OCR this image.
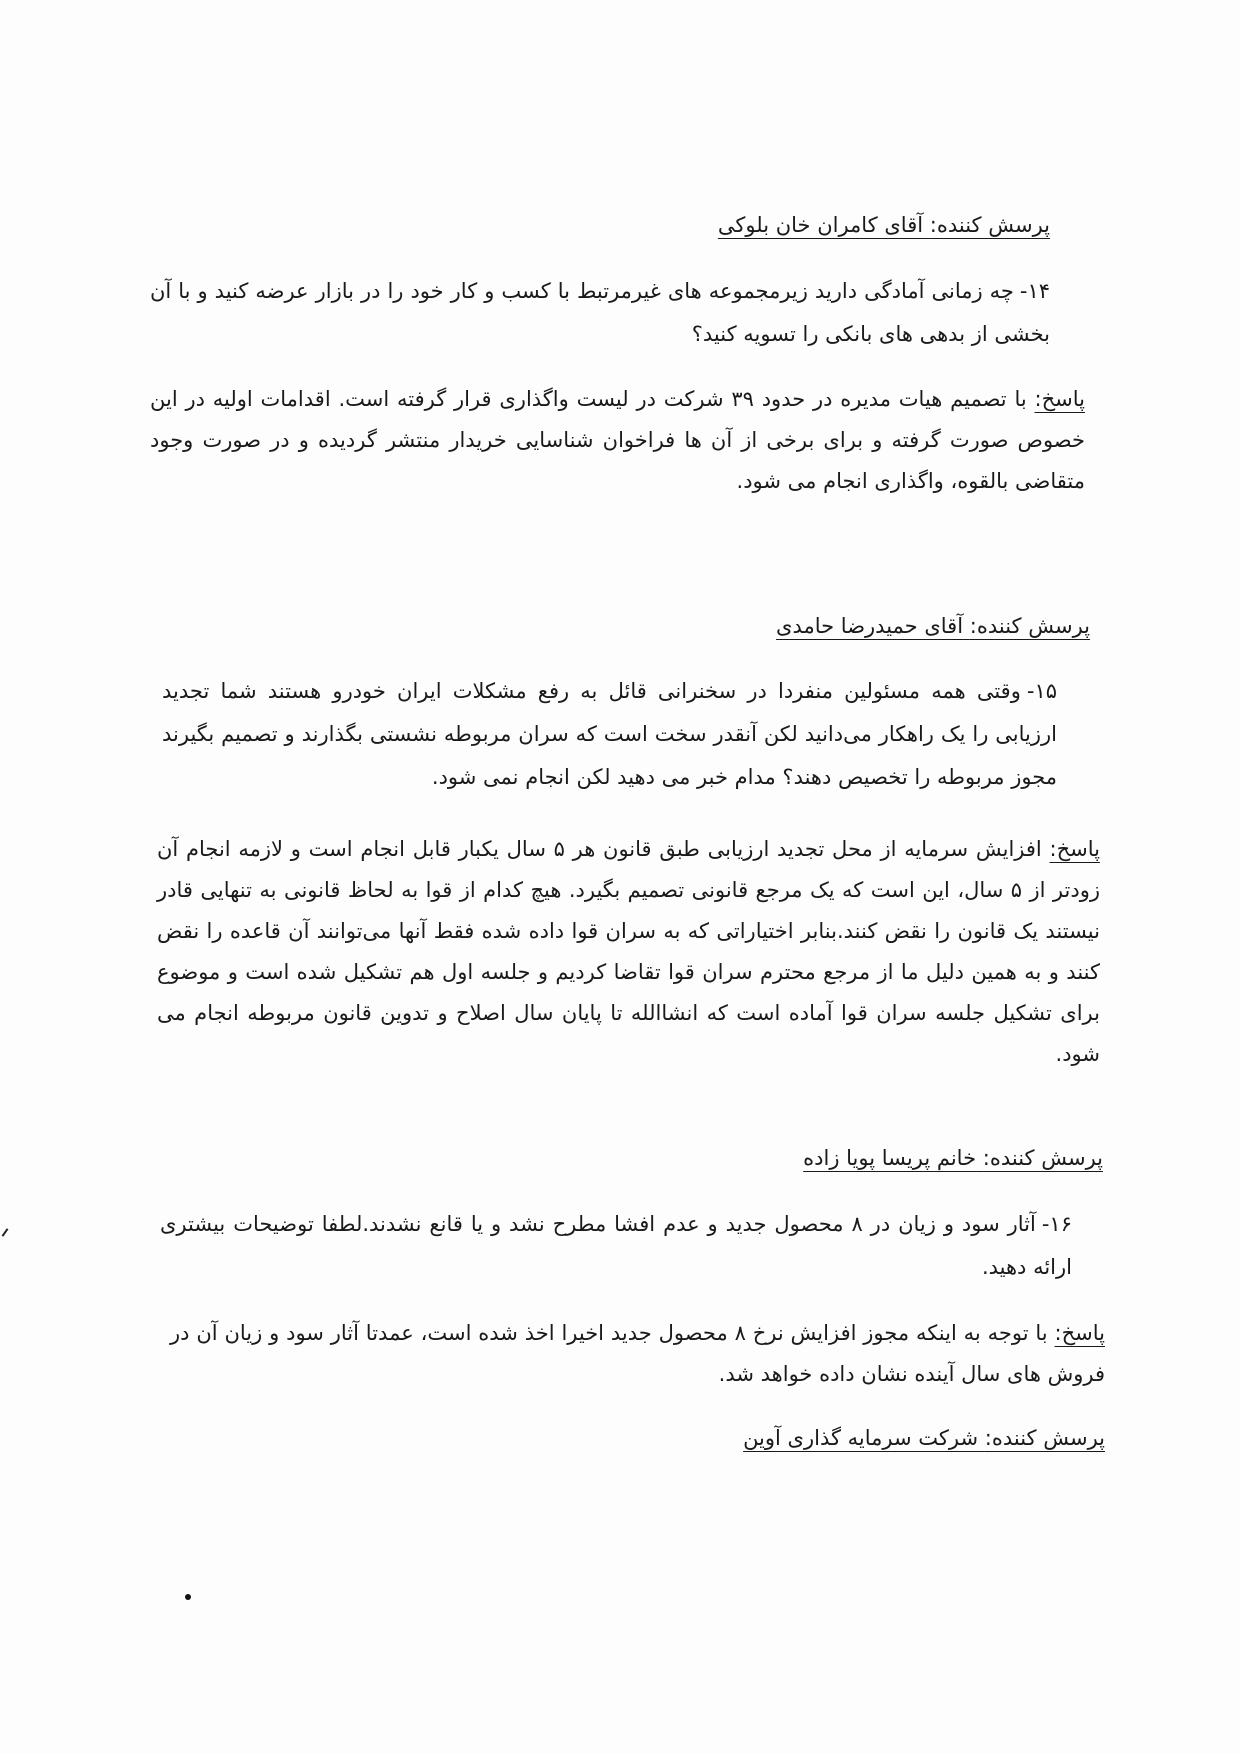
پرسش کننده: آقای کامران خان بلوکی
۱۴-چه زمانی آمادگی دارید زیرمجموعه های غیرمرتبط با کسب و کار خود را در بازار عرضه کنید و با آن بخشی از بدهی های بانکی را تسویه کنید؟
پاسخ: با تصمیم هیات مدیره در حدود ۳۹ شرکت در لیست واگذاری قرار گرفته است. اقدامات اولیه در این خصوص صورت گرفته و برای برخی از آن ها فراخوان شناسایی خریدار منتشر گردیده و در صورت وجود متقاضی بالقوه، واگذاری انجام می شود.
پرسش کننده: آقای حمیدرضا حامدی
۱۵-وقتی همه مسئولین منفردا در سخنرانی قائل به رفع مشکلات ایران خودرو هستند شما تجدید ارزیابی را یک راهکار می‌دانید لکن آنقدر سخت است که سران مربوطه نشستی بگذارند و تصمیم بگیرند مجوز مربوطه را تخصیص دهند؟ مدام خبر می دهید لکن انجام نمی شود.
پاسخ: افزایش سرمایه از محل تجدید ارزیابی طبق قانون هر ۵ سال یکبار قابل انجام است و لازمه انجام آن زودتر از ۵ سال، این است که یک مرجع قانونی تصمیم بگیرد. هیچ کدام از قوا به لحاظ قانونی به تنهایی قادر نیستند یک قانون را نقض کنند.بنابر اختیاراتی که به سران قوا داده شده فقط آنها می‌توانند آن قاعده را نقض کنند و به همین دلیل ما از مرجع محترم سران قوا تقاضا کردیم و جلسه اول هم تشکیل شده است و موضوع برای تشکیل جلسه سران قوا آماده است که انشاالله تا پایان سال اصلاح و تدوین قانون مربوطه انجام می شود.
پرسش کننده: خانم پریسا پویا زاده
۱۶-آثار سود و زیان در ۸ محصول جدید و عدم افشا مطرح نشد و یا قانع نشدند.لطفا توضیحات بیشتری ارائه دهید.
پاسخ: با توجه به اینکه مجوز افزایش نرخ ۸ محصول جدید اخیرا اخذ شده است، عمدتا آثار سود و زیان آن در فروش های سال آینده نشان داده خواهد شد.
پرسش کننده: شرکت سرمایه گذاری آوین
